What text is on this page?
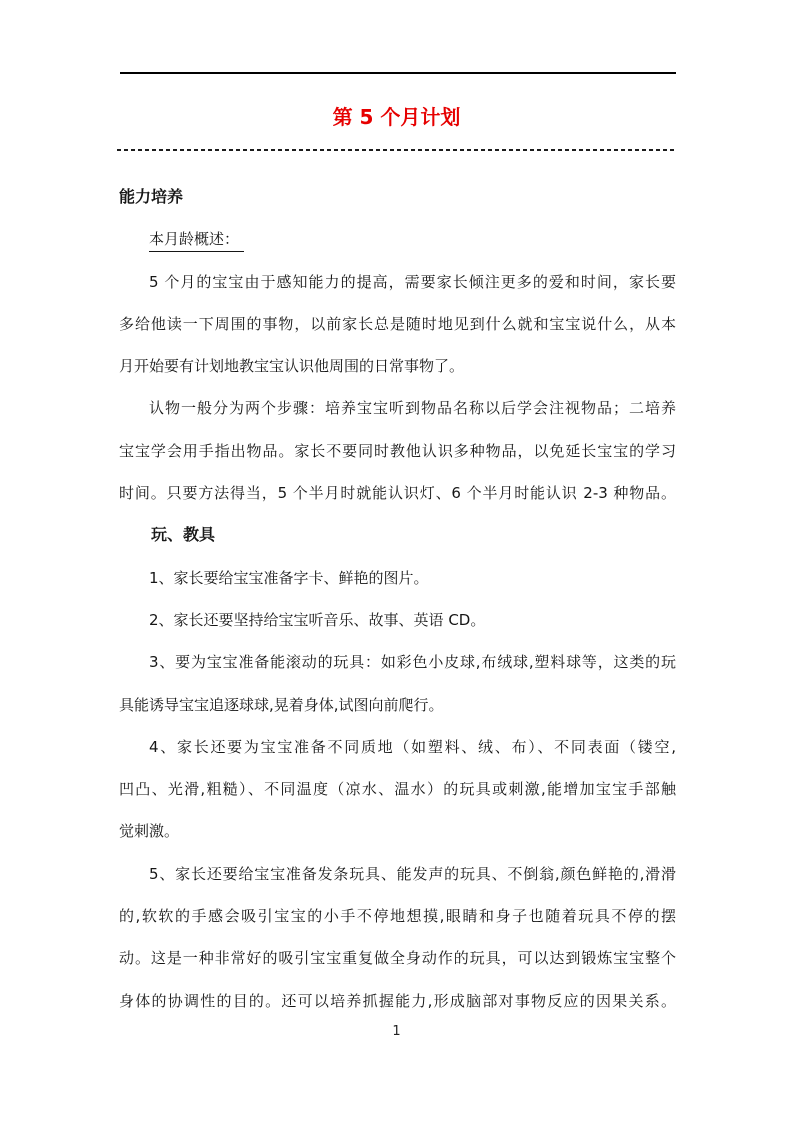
第 5 个月计划
能力培养
本月龄概述：
5 个月的宝宝由于感知能力的提高，需要家长倾注更多的爱和时间，家长要
多给他读一下周围的事物，以前家长总是随时地见到什么就和宝宝说什么，从本
月开始要有计划地教宝宝认识他周围的日常事物了。
认物一般分为两个步骤：培养宝宝听到物品名称以后学会注视物品；二培养
宝宝学会用手指出物品。家长不要同时教他认识多种物品，以免延长宝宝的学习
时间。只要方法得当，5 个半月时就能认识灯、6 个半月时能认识 2-3 种物品。
玩、教具
1、家长要给宝宝准备字卡、鲜艳的图片。
2、家长还要坚持给宝宝听音乐、故事、英语 CD。
3、要为宝宝准备能滚动的玩具：如彩色小皮球,布绒球,塑料球等，这类的玩
具能诱导宝宝追逐球球,晃着身体,试图向前爬行。
4、家长还要为宝宝准备不同质地（如塑料、绒、布）、不同表面（镂空,
凹凸、光滑,粗糙）、不同温度（凉水、温水）的玩具或刺激,能增加宝宝手部触
觉刺激。
5、家长还要给宝宝准备发条玩具、能发声的玩具、不倒翁,颜色鲜艳的,滑滑
的,软软的手感会吸引宝宝的小手不停地想摸,眼睛和身子也随着玩具不停的摆
动。这是一种非常好的吸引宝宝重复做全身动作的玩具，可以达到锻炼宝宝整个
身体的协调性的目的。还可以培养抓握能力,形成脑部对事物反应的因果关系。
1
